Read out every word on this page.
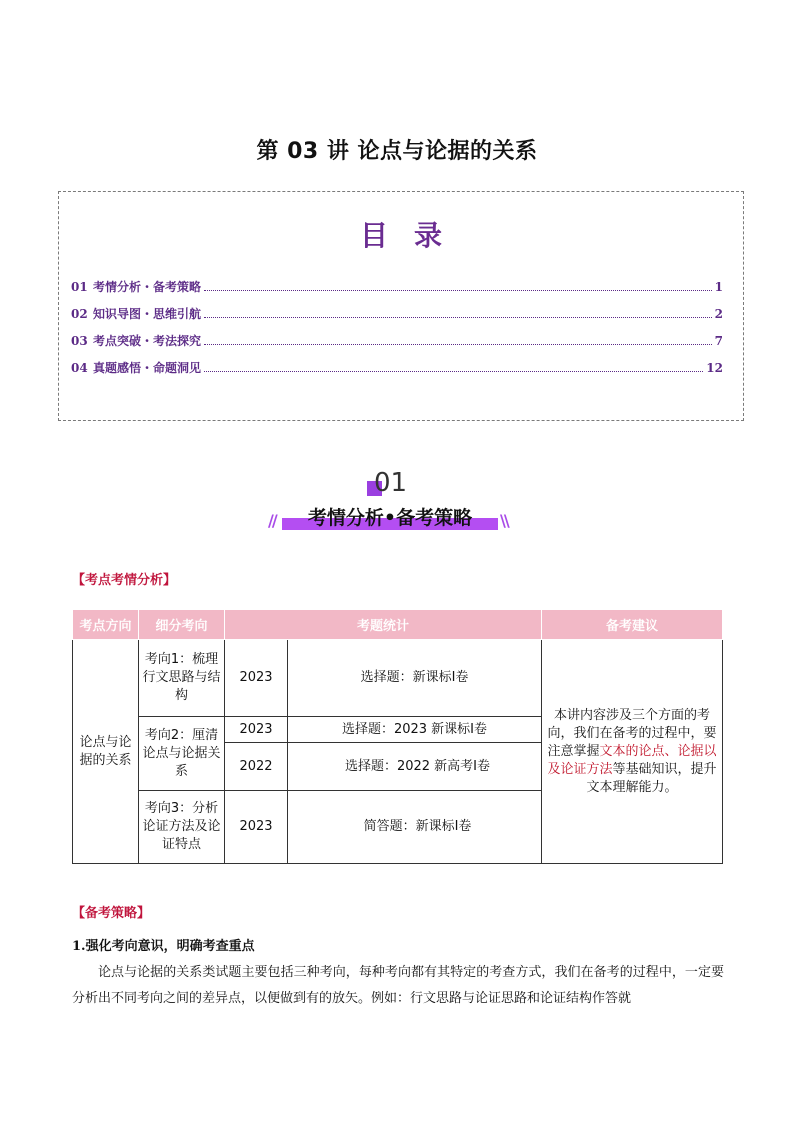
第 03 讲 论点与论据的关系
目录
01 考情分析・备考策略	1
02 知识导图・思维引航	2
03 考点突破・考法探究	7
04 真题感悟・命题洞见	12
01
//	\\
考情分析•备考策略
【考点考情分析】
考点方向	细分考向	考题统计		备考建议
论点与论据的关系	考向1：梳理行文思路与结构	2023	选择题：新课标Ⅰ卷	本讲内容涉及三个方面的考向，我们在备考的过程中，要注意掌握文本的论点、论据以及论证方法等基础知识，提升文本理解能力。
	考向2：厘清论点与论据关系	2023	选择题：2023 新课标Ⅰ卷	
		2022	选择题：2022 新高考Ⅰ卷	
	考向3：分析论证方法及论证特点	2023	简答题：新课标Ⅰ卷	
【备考策略】
1.强化考向意识，明确考查重点
论点与论据的关系类试题主要包括三种考向，每种考向都有其特定的考查方式，我们在备考的过程中，一定要分析出不同考向之间的差异点，以便做到有的放矢。例如：行文思路与论证思路和论证结构作答就
